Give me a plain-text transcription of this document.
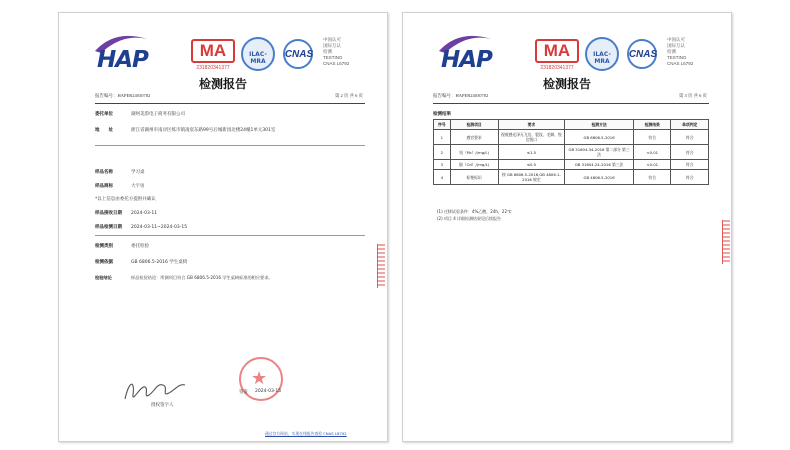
HAP	MA
231820341377
ILAC-MRA
CNAS
中国认可
国际互认
检测
TESTING
CNAS L6792
检测报告
报告编号：HAPER24030782	第 2 页 共 6 页
委托单位	湖州美韵电子商务有限公司
地　　址	浙江省湖州市南浔区练市镇凌宸东路99号后城新园北楼24幢1单元301室
样品名称	学习桌
样品商标	大宇宙
*以上信息由委托方提供并确认
样品接收日期 2024-03-11
样品检测日期 2024-03-11~2024-03-15
检测类别	委托检验
检测依据	GB 6806.5-2016 学生桌椅
检验结论	样品检验结论：所测项目符合 GB 6806.5-2016 学生桌椅标准的相应要求。
授权签字人
★
签发 2024-03-15
通过官方网站，实现在线报告查验 CNAS L6792
HAP	MA
231820341377
ILAC-MRA
CNAS
中国认可
国际互认
检测
TESTING
CNAS L6792
检测报告
报告编号：HAPER24030782	第 3 页 共 6 页
检测结果
序号	检测项目	要求	检测方法	检测结果	单项判定
1	感官要求	视观感光泽无飞边、裂纹、毛刺、锐边锐口	GB 6806.5-2016	符合	符合
2	铅（Pb）/(mg/L)	≤1.5	GB 31604.34-2016 第二部分 第三法	<0.01	符合
3	镉（Cd）/(mg/L)	≤0.5	GB 31604.24-2016 第三法	<0.01	符合
4	标签标识	按 GB 6806.5-2016,GB 4806.1-2016 规定	GB 4806.5-2016	符合	符合
(1) 迁移试验条件：4%乙酸，24h，22℃
(2) 项目 4 详细检测结果见后续报告
